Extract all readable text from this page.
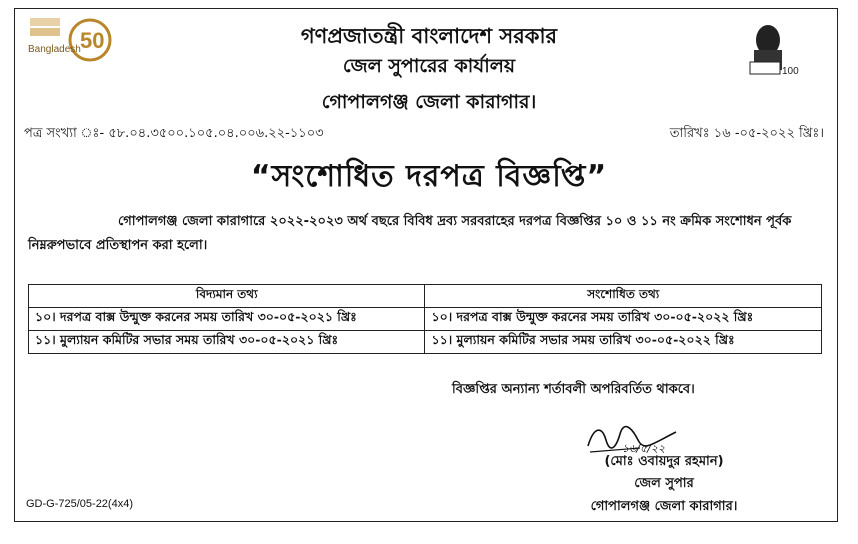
50
Bangladesh
100
গণপ্রজাতন্ত্রী বাংলাদেশ সরকার
জেল সুপারের কার্যালয়
গোপালগঞ্জ জেলা কারাগার।
পত্র সংখ্যা ঃ- ৫৮.০৪.৩৫০০.১০৫.০৪.০০৬.২২-১১০৩	তারিখঃ ১৬ -০৫-২০২২ খ্রিঃ।
“সংশোধিত দরপত্র বিজ্ঞপ্তি”
গোপালগঞ্জ জেলা কারাগারে ২০২২-২০২৩ অর্থ বছরে বিবিধ দ্রব্য সরবরাহের দরপত্র বিজ্ঞপ্তির ১০ ও ১১ নং ক্রমিক সংশোধন পূর্বক নিম্নরুপভাবে প্রতিস্থাপন করা হলো।
বিদ্যমান তথ্য	সংশোধিত তথ্য
১০। দরপত্র বাক্স উন্মুক্ত করনের সময় তারিখ ৩০-০৫-২০২১ খ্রিঃ	১০। দরপত্র বাক্স উন্মুক্ত করনের সময় তারিখ ৩০-০৫-২০২২ খ্রিঃ
১১। মুল্যায়ন কমিটির সভার সময় তারিখ ৩০-০৫-২০২১ খ্রিঃ	১১। মুল্যায়ন কমিটির সভার সময় তারিখ ৩০-০৫-২০২২ খ্রিঃ
বিজ্ঞপ্তির অন্যান্য শর্তাবলী অপরিবর্তিত থাকবে।
১৬/৫/২২
(মোঃ ওবায়দুর রহমান)
জেল সুপার
গোপালগঞ্জ জেলা কারাগার।
GD-G-725/05-22(4x4)
